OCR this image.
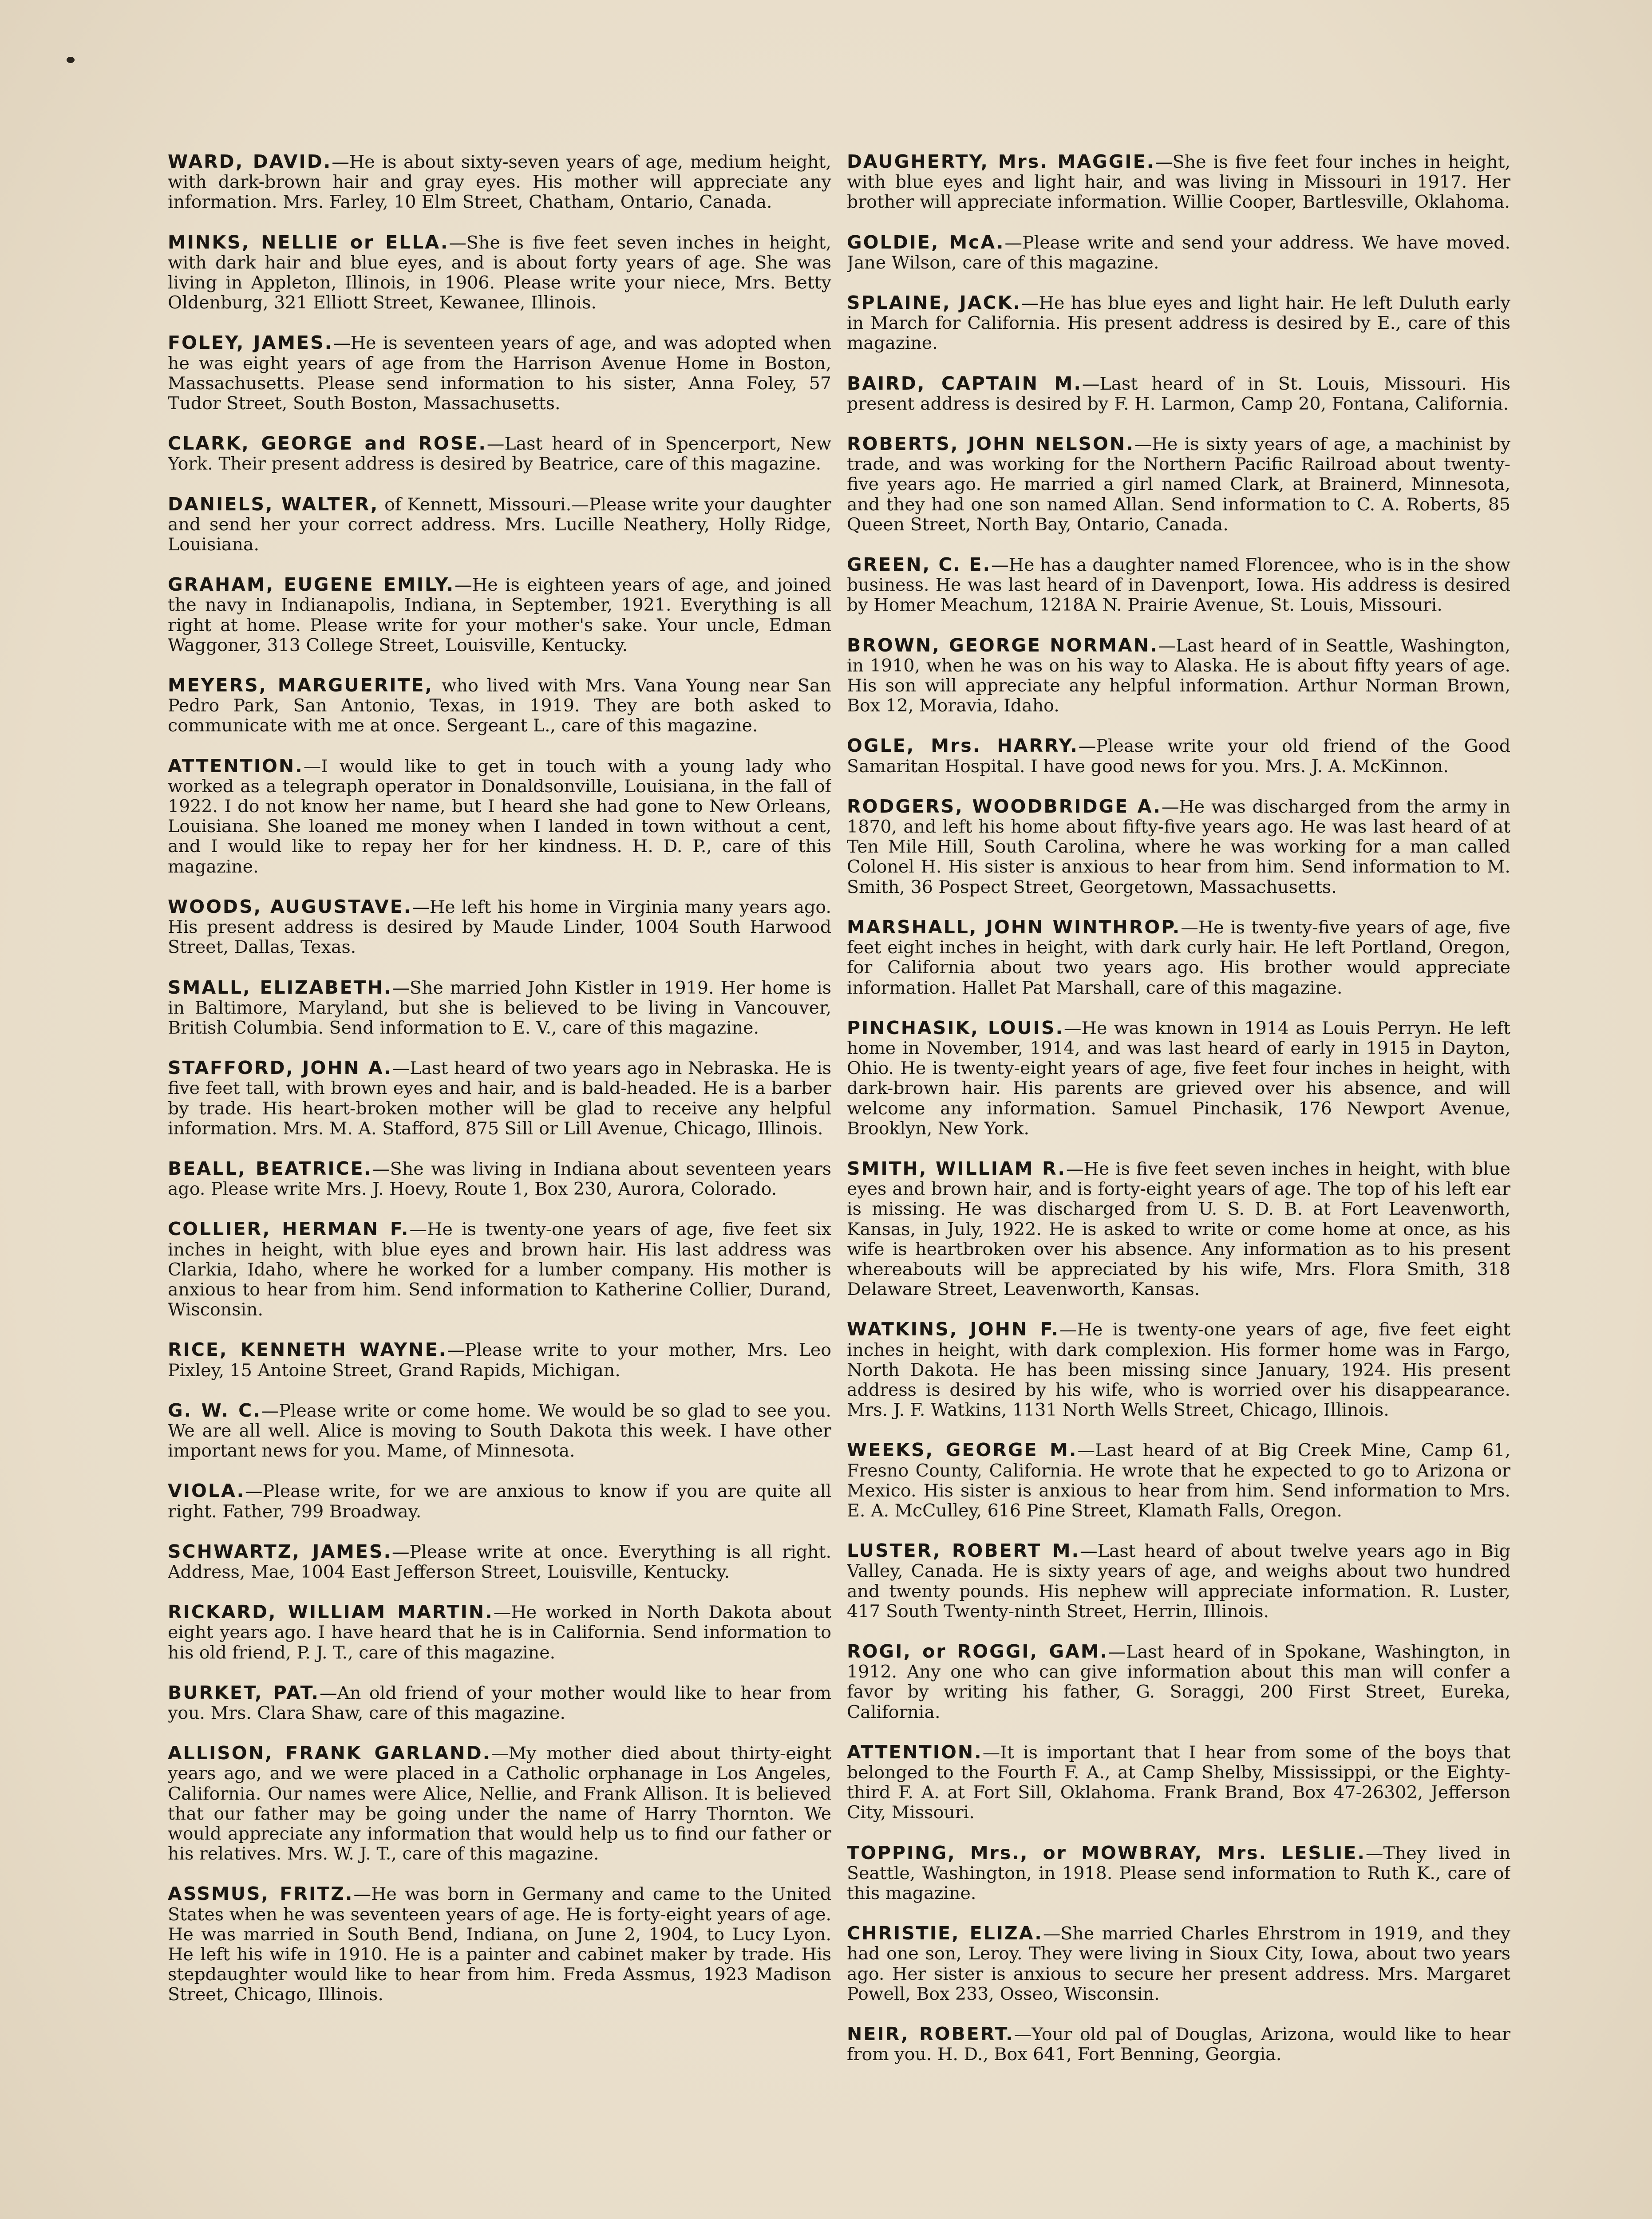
WARD, DAVID.—He is about sixty-seven years of age, medium height, with dark-brown hair and gray eyes. His mother will appreciate any information. Mrs. Farley, 10 Elm Street, Chatham, Ontario, Canada.

MINKS, NELLIE or ELLA.—She is five feet seven inches in height, with dark hair and blue eyes, and is about forty years of age. She was living in Appleton, Illinois, in 1906. Please write your niece, Mrs. Betty Oldenburg, 321 Elliott Street, Kewanee, Illinois.

FOLEY, JAMES.—He is seventeen years of age, and was adopted when he was eight years of age from the Harrison Avenue Home in Boston, Massachusetts. Please send information to his sister, Anna Foley, 57 Tudor Street, South Boston, Massachusetts.

CLARK, GEORGE and ROSE.—Last heard of in Spencerport, New York. Their present address is desired by Beatrice, care of this magazine.

DANIELS, WALTER, of Kennett, Missouri.—Please write your daughter and send her your correct address. Mrs. Lucille Neathery, Holly Ridge, Louisiana.

GRAHAM, EUGENE EMILY.—He is eighteen years of age, and joined the navy in Indianapolis, Indiana, in September, 1921. Everything is all right at home. Please write for your mother's sake. Your uncle, Edman Waggoner, 313 College Street, Louisville, Kentucky.

MEYERS, MARGUERITE, who lived with Mrs. Vana Young near San Pedro Park, San Antonio, Texas, in 1919. They are both asked to communicate with me at once. Sergeant L., care of this magazine.

ATTENTION.—I would like to get in touch with a young lady who worked as a telegraph operator in Donaldsonville, Louisiana, in the fall of 1922. I do not know her name, but I heard she had gone to New Orleans, Louisiana. She loaned me money when I landed in town without a cent, and I would like to repay her for her kindness. H. D. P., care of this magazine.

WOODS, AUGUSTAVE.—He left his home in Virginia many years ago. His present address is desired by Maude Linder, 1004 South Harwood Street, Dallas, Texas.

SMALL, ELIZABETH.—She married John Kistler in 1919. Her home is in Baltimore, Maryland, but she is believed to be living in Vancouver, British Columbia. Send information to E. V., care of this magazine.

STAFFORD, JOHN A.—Last heard of two years ago in Nebraska. He is five feet tall, with brown eyes and hair, and is bald-headed. He is a barber by trade. His heart-broken mother will be glad to receive any helpful information. Mrs. M. A. Stafford, 875 Sill or Lill Avenue, Chicago, Illinois.

BEALL, BEATRICE.—She was living in Indiana about seventeen years ago. Please write Mrs. J. Hoevy, Route 1, Box 230, Aurora, Colorado.

COLLIER, HERMAN F.—He is twenty-one years of age, five feet six inches in height, with blue eyes and brown hair. His last address was Clarkia, Idaho, where he worked for a lumber company. His mother is anxious to hear from him. Send information to Katherine Collier, Durand, Wisconsin.

RICE, KENNETH WAYNE.—Please write to your mother, Mrs. Leo Pixley, 15 Antoine Street, Grand Rapids, Michigan.

G. W. C.—Please write or come home. We would be so glad to see you. We are all well. Alice is moving to South Dakota this week. I have other important news for you. Mame, of Minnesota.

VIOLA.—Please write, for we are anxious to know if you are quite all right. Father, 799 Broadway.

SCHWARTZ, JAMES.—Please write at once. Everything is all right. Address, Mae, 1004 East Jefferson Street, Louisville, Kentucky.

RICKARD, WILLIAM MARTIN.—He worked in North Dakota about eight years ago. I have heard that he is in California. Send information to his old friend, P. J. T., care of this magazine.

BURKET, PAT.—An old friend of your mother would like to hear from you. Mrs. Clara Shaw, care of this magazine.

ALLISON, FRANK GARLAND.—My mother died about thirty-eight years ago, and we were placed in a Catholic orphanage in Los Angeles, California. Our names were Alice, Nellie, and Frank Allison. It is believed that our father may be going under the name of Harry Thornton. We would appreciate any information that would help us to find our father or his relatives. Mrs. W. J. T., care of this magazine.

ASSMUS, FRITZ.—He was born in Germany and came to the United States when he was seventeen years of age. He is forty-eight years of age. He was married in South Bend, Indiana, on June 2, 1904, to Lucy Lyon. He left his wife in 1910. He is a painter and cabinet maker by trade. His stepdaughter would like to hear from him. Freda Assmus, 1923 Madison Street, Chicago, Illinois.

DAUGHERTY, Mrs. MAGGIE.—She is five feet four inches in height, with blue eyes and light hair, and was living in Missouri in 1917. Her brother will appreciate information. Willie Cooper, Bartlesville, Oklahoma.

GOLDIE, McA.—Please write and send your address. We have moved. Jane Wilson, care of this magazine.

SPLAINE, JACK.—He has blue eyes and light hair. He left Duluth early in March for California. His present address is desired by E., care of this magazine.

BAIRD, CAPTAIN M.—Last heard of in St. Louis, Missouri. His present address is desired by F. H. Larmon, Camp 20, Fontana, California.

ROBERTS, JOHN NELSON.—He is sixty years of age, a machinist by trade, and was working for the Northern Pacific Railroad about twenty-five years ago. He married a girl named Clark, at Brainerd, Minnesota, and they had one son named Allan. Send information to C. A. Roberts, 85 Queen Street, North Bay, Ontario, Canada.

GREEN, C. E.—He has a daughter named Florencee, who is in the show business. He was last heard of in Davenport, Iowa. His address is desired by Homer Meachum, 1218A N. Prairie Avenue, St. Louis, Missouri.

BROWN, GEORGE NORMAN.—Last heard of in Seattle, Washington, in 1910, when he was on his way to Alaska. He is about fifty years of age. His son will appreciate any helpful information. Arthur Norman Brown, Box 12, Moravia, Idaho.

OGLE, Mrs. HARRY.—Please write your old friend of the Good Samaritan Hospital. I have good news for you. Mrs. J. A. McKinnon.

RODGERS, WOODBRIDGE A.—He was discharged from the army in 1870, and left his home about fifty-five years ago. He was last heard of at Ten Mile Hill, South Carolina, where he was working for a man called Colonel H. His sister is anxious to hear from him. Send information to M. Smith, 36 Pospect Street, Georgetown, Massachusetts.

MARSHALL, JOHN WINTHROP.—He is twenty-five years of age, five feet eight inches in height, with dark curly hair. He left Portland, Oregon, for California about two years ago. His brother would appreciate information. Hallet Pat Marshall, care of this magazine.

PINCHASIK, LOUIS.—He was known in 1914 as Louis Perryn. He left home in November, 1914, and was last heard of early in 1915 in Dayton, Ohio. He is twenty-eight years of age, five feet four inches in height, with dark-brown hair. His parents are grieved over his absence, and will welcome any information. Samuel Pinchasik, 176 Newport Avenue, Brooklyn, New York.

SMITH, WILLIAM R.—He is five feet seven inches in height, with blue eyes and brown hair, and is forty-eight years of age. The top of his left ear is missing. He was discharged from U. S. D. B. at Fort Leavenworth, Kansas, in July, 1922. He is asked to write or come home at once, as his wife is heartbroken over his absence. Any information as to his present whereabouts will be appreciated by his wife, Mrs. Flora Smith, 318 Delaware Street, Leavenworth, Kansas.

WATKINS, JOHN F.—He is twenty-one years of age, five feet eight inches in height, with dark complexion. His former home was in Fargo, North Dakota. He has been missing since January, 1924. His present address is desired by his wife, who is worried over his disappearance. Mrs. J. F. Watkins, 1131 North Wells Street, Chicago, Illinois.

WEEKS, GEORGE M.—Last heard of at Big Creek Mine, Camp 61, Fresno County, California. He wrote that he expected to go to Arizona or Mexico. His sister is anxious to hear from him. Send information to Mrs. E. A. McCulley, 616 Pine Street, Klamath Falls, Oregon.

LUSTER, ROBERT M.—Last heard of about twelve years ago in Big Valley, Canada. He is sixty years of age, and weighs about two hundred and twenty pounds. His nephew will appreciate information. R. Luster, 417 South Twenty-ninth Street, Herrin, Illinois.

ROGI, or ROGGI, GAM.—Last heard of in Spokane, Washington, in 1912. Any one who can give information about this man will confer a favor by writing his father, G. Soraggi, 200 First Street, Eureka, California.

ATTENTION.—It is important that I hear from some of the boys that belonged to the Fourth F. A., at Camp Shelby, Mississippi, or the Eighty-third F. A. at Fort Sill, Oklahoma. Frank Brand, Box 47-26302, Jefferson City, Missouri.

TOPPING, Mrs., or MOWBRAY, Mrs. LESLIE.—They lived in Seattle, Washington, in 1918. Please send information to Ruth K., care of this magazine.

CHRISTIE, ELIZA.—She married Charles Ehrstrom in 1919, and they had one son, Leroy. They were living in Sioux City, Iowa, about two years ago. Her sister is anxious to secure her present address. Mrs. Margaret Powell, Box 233, Osseo, Wisconsin.

NEIR, ROBERT.—Your old pal of Douglas, Arizona, would like to hear from you. H. D., Box 641, Fort Benning, Georgia.
